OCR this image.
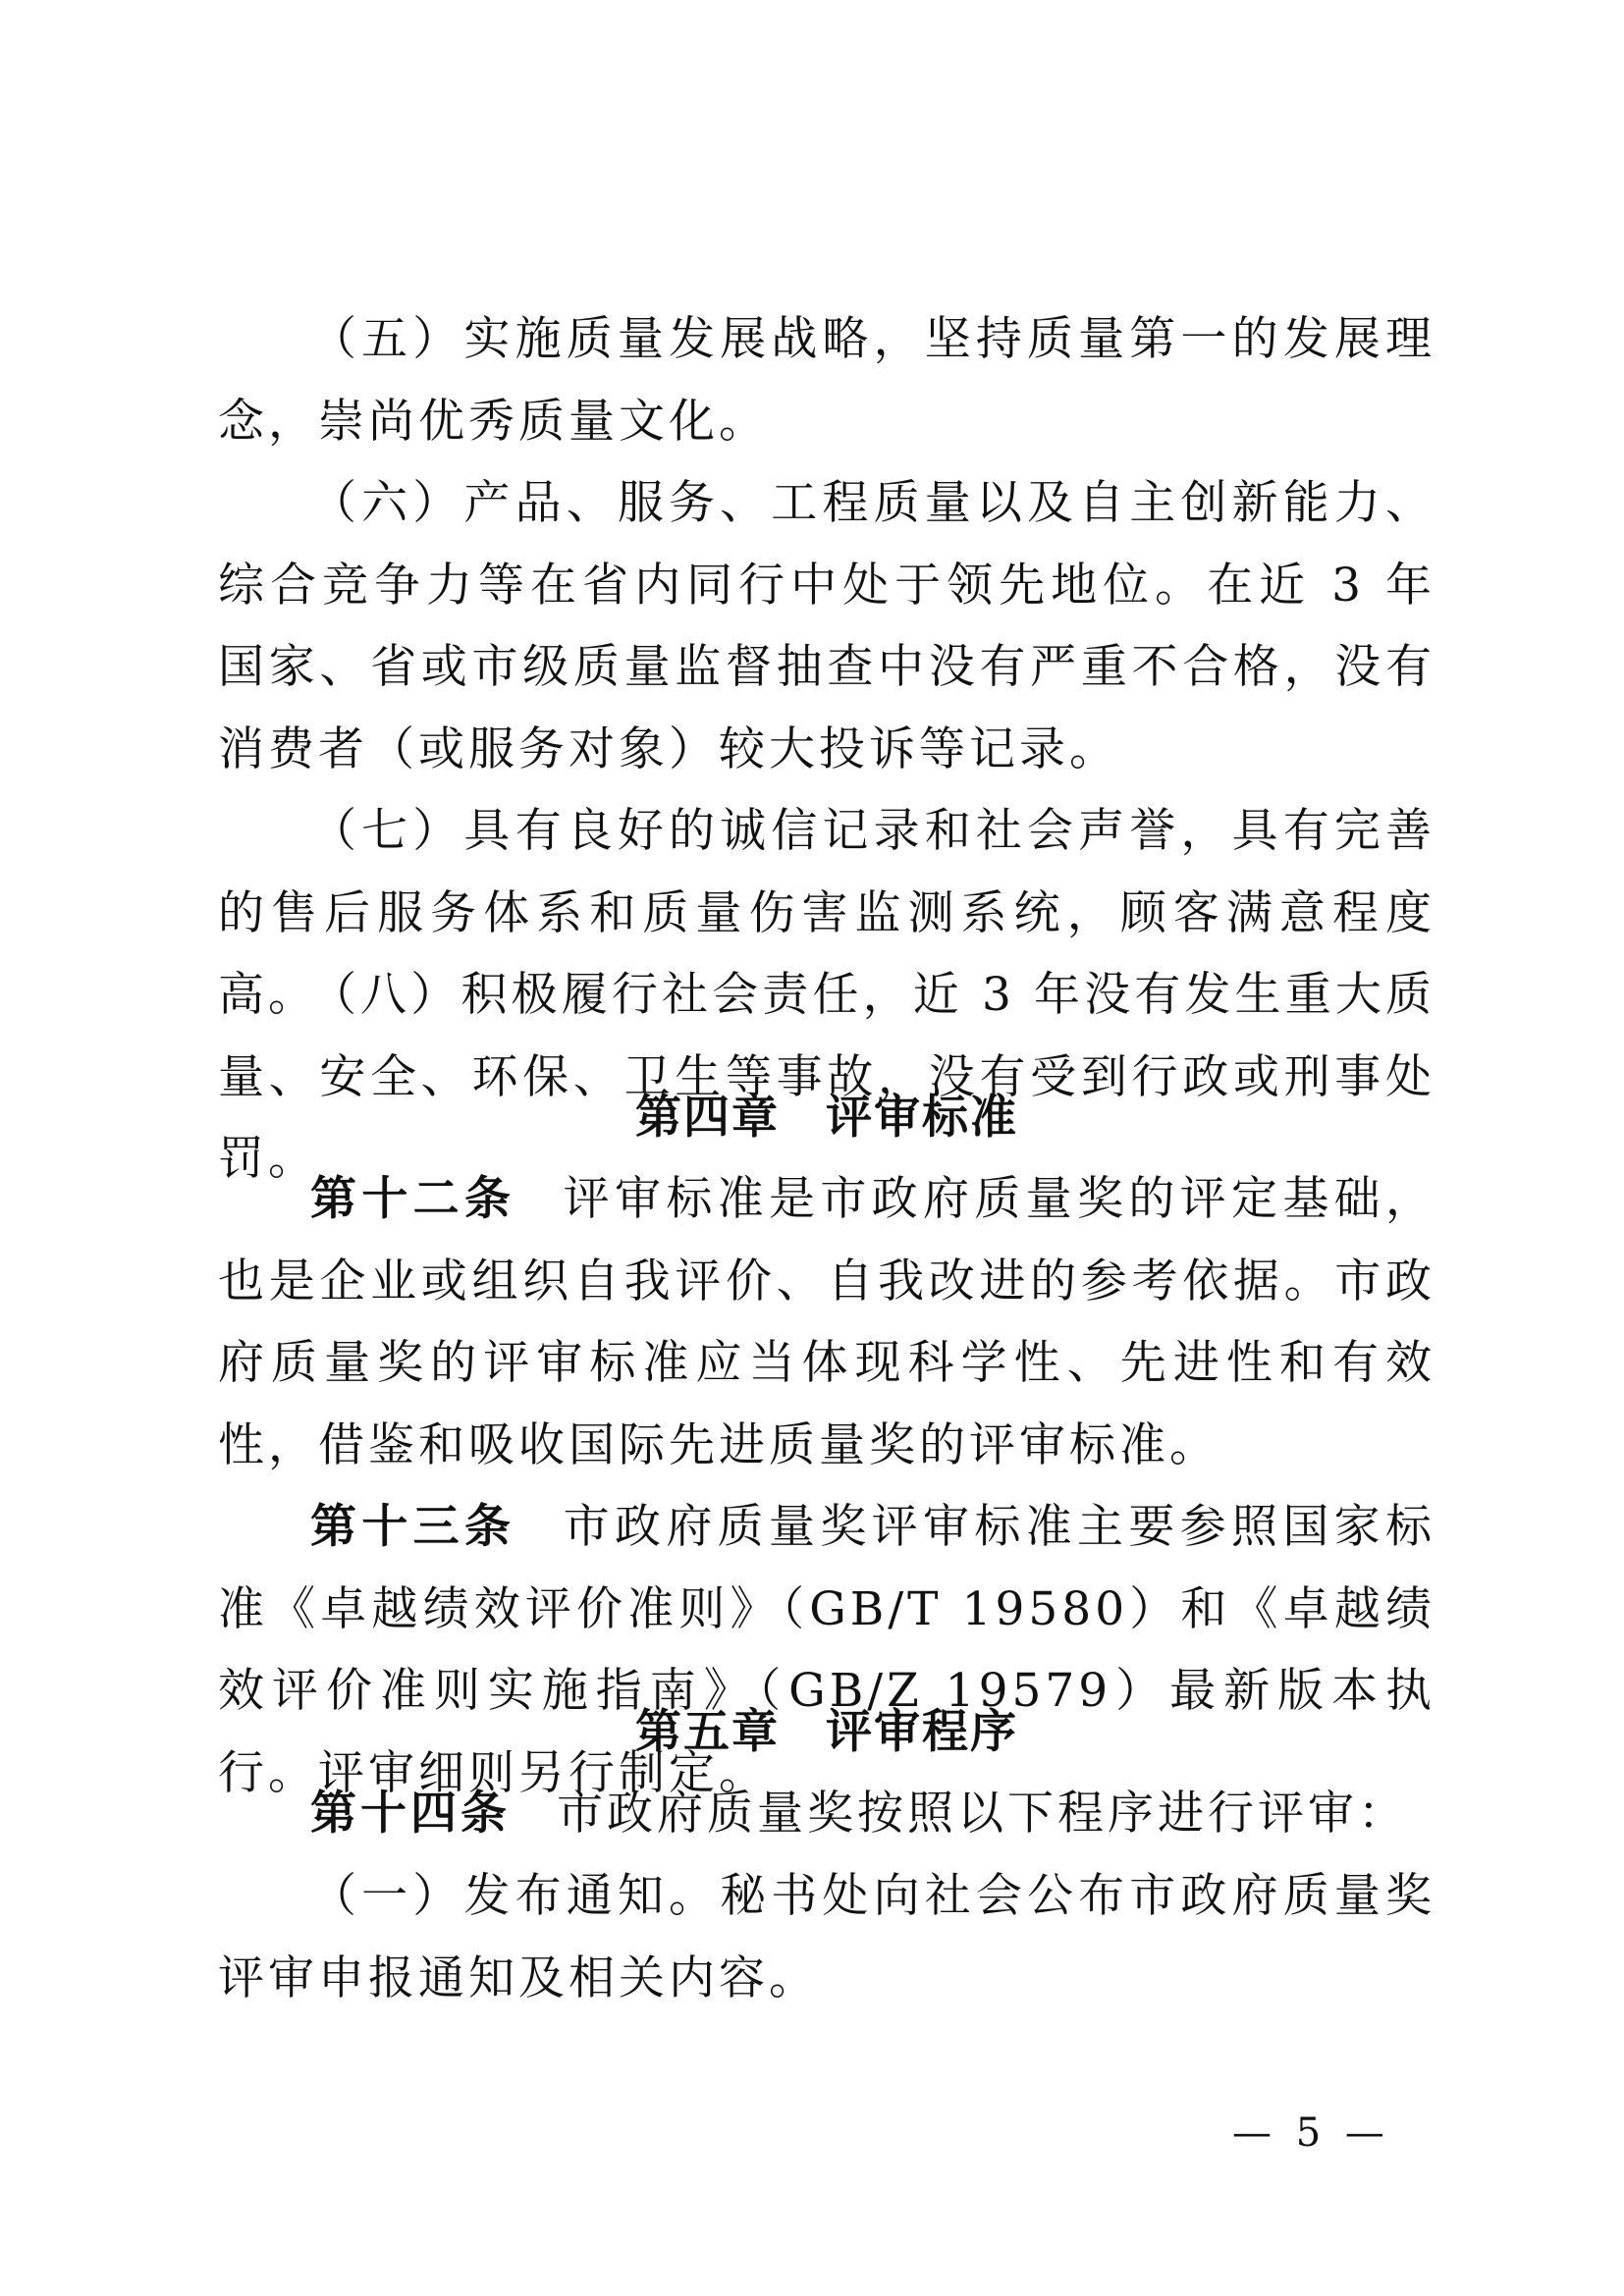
（五）实施质量发展战略，坚持质量第一的发展理念，崇尚优秀质量文化。

（六）产品、服务、工程质量以及自主创新能力、综合竞争力等在省内同行中处于领先地位。在近 3 年国家、省或市级质量监督抽查中没有严重不合格，没有消费者（或服务对象）较大投诉等记录。

（七）具有良好的诚信记录和社会声誉，具有完善的售后服务体系和质量伤害监测系统，顾客满意程度高。

（八）积极履行社会责任，近 3 年没有发生重大质量、安全、环保、卫生等事故，没有受到行政或刑事处罚。

第四章 评审标准

第十二条 评审标准是市政府质量奖的评定基础，也是企业或组织自我评价、自我改进的参考依据。市政府质量奖的评审标准应当体现科学性、先进性和有效性，借鉴和吸收国际先进质量奖的评审标准。

第十三条 市政府质量奖评审标准主要参照国家标准《卓越绩效评价准则》（GB/T 19580）和《卓越绩效评价准则实施指南》（GB/Z 19579）最新版本执行。评审细则另行制定。

第五章 评审程序

第十四条 市政府质量奖按照以下程序进行评审：

（一）发布通知。秘书处向社会公布市政府质量奖评审申报通知及相关内容。

— 5 —
